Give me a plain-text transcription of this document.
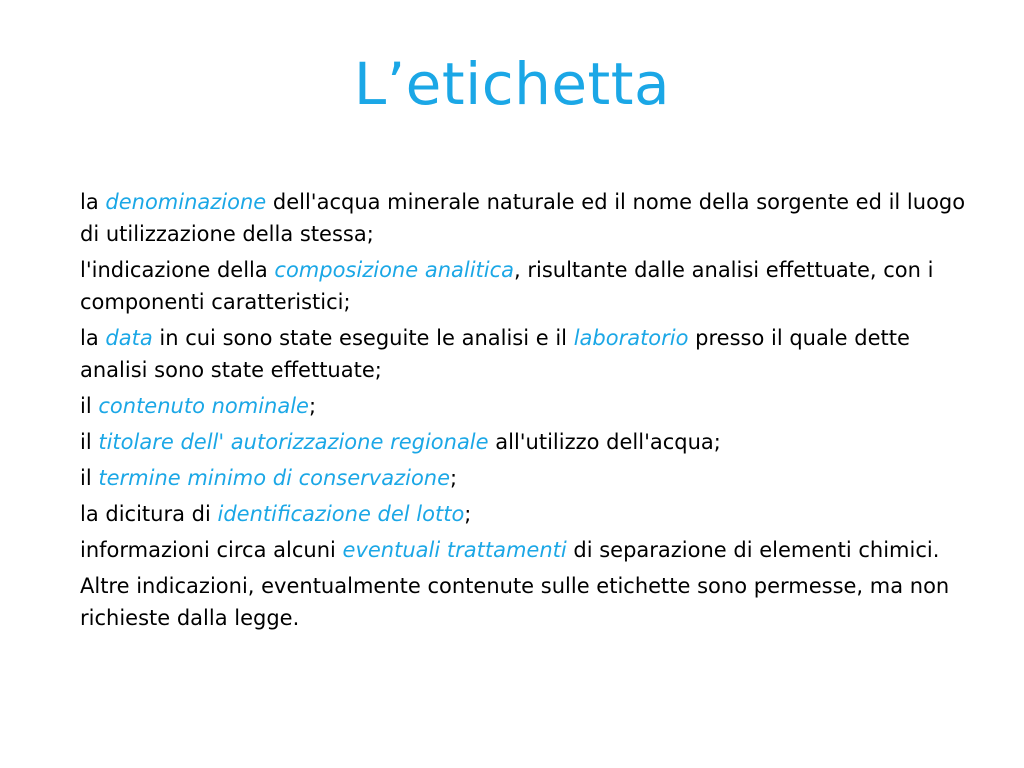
L’etichetta

la denominazione dell'acqua minerale naturale ed il nome della sorgente ed il luogo di utilizzazione della stessa;

l'indicazione della composizione analitica, risultante dalle analisi effettuate, con i componenti caratteristici;

la data in cui sono state eseguite le analisi e il laboratorio presso il quale dette analisi sono state effettuate;

il contenuto nominale;

il titolare dell' autorizzazione regionale all'utilizzo dell'acqua;

il termine minimo di conservazione;

la dicitura di identificazione del lotto;

informazioni circa alcuni eventuali trattamenti di separazione di elementi chimici.

Altre indicazioni, eventualmente contenute sulle etichette sono permesse, ma non richieste dalla legge.
